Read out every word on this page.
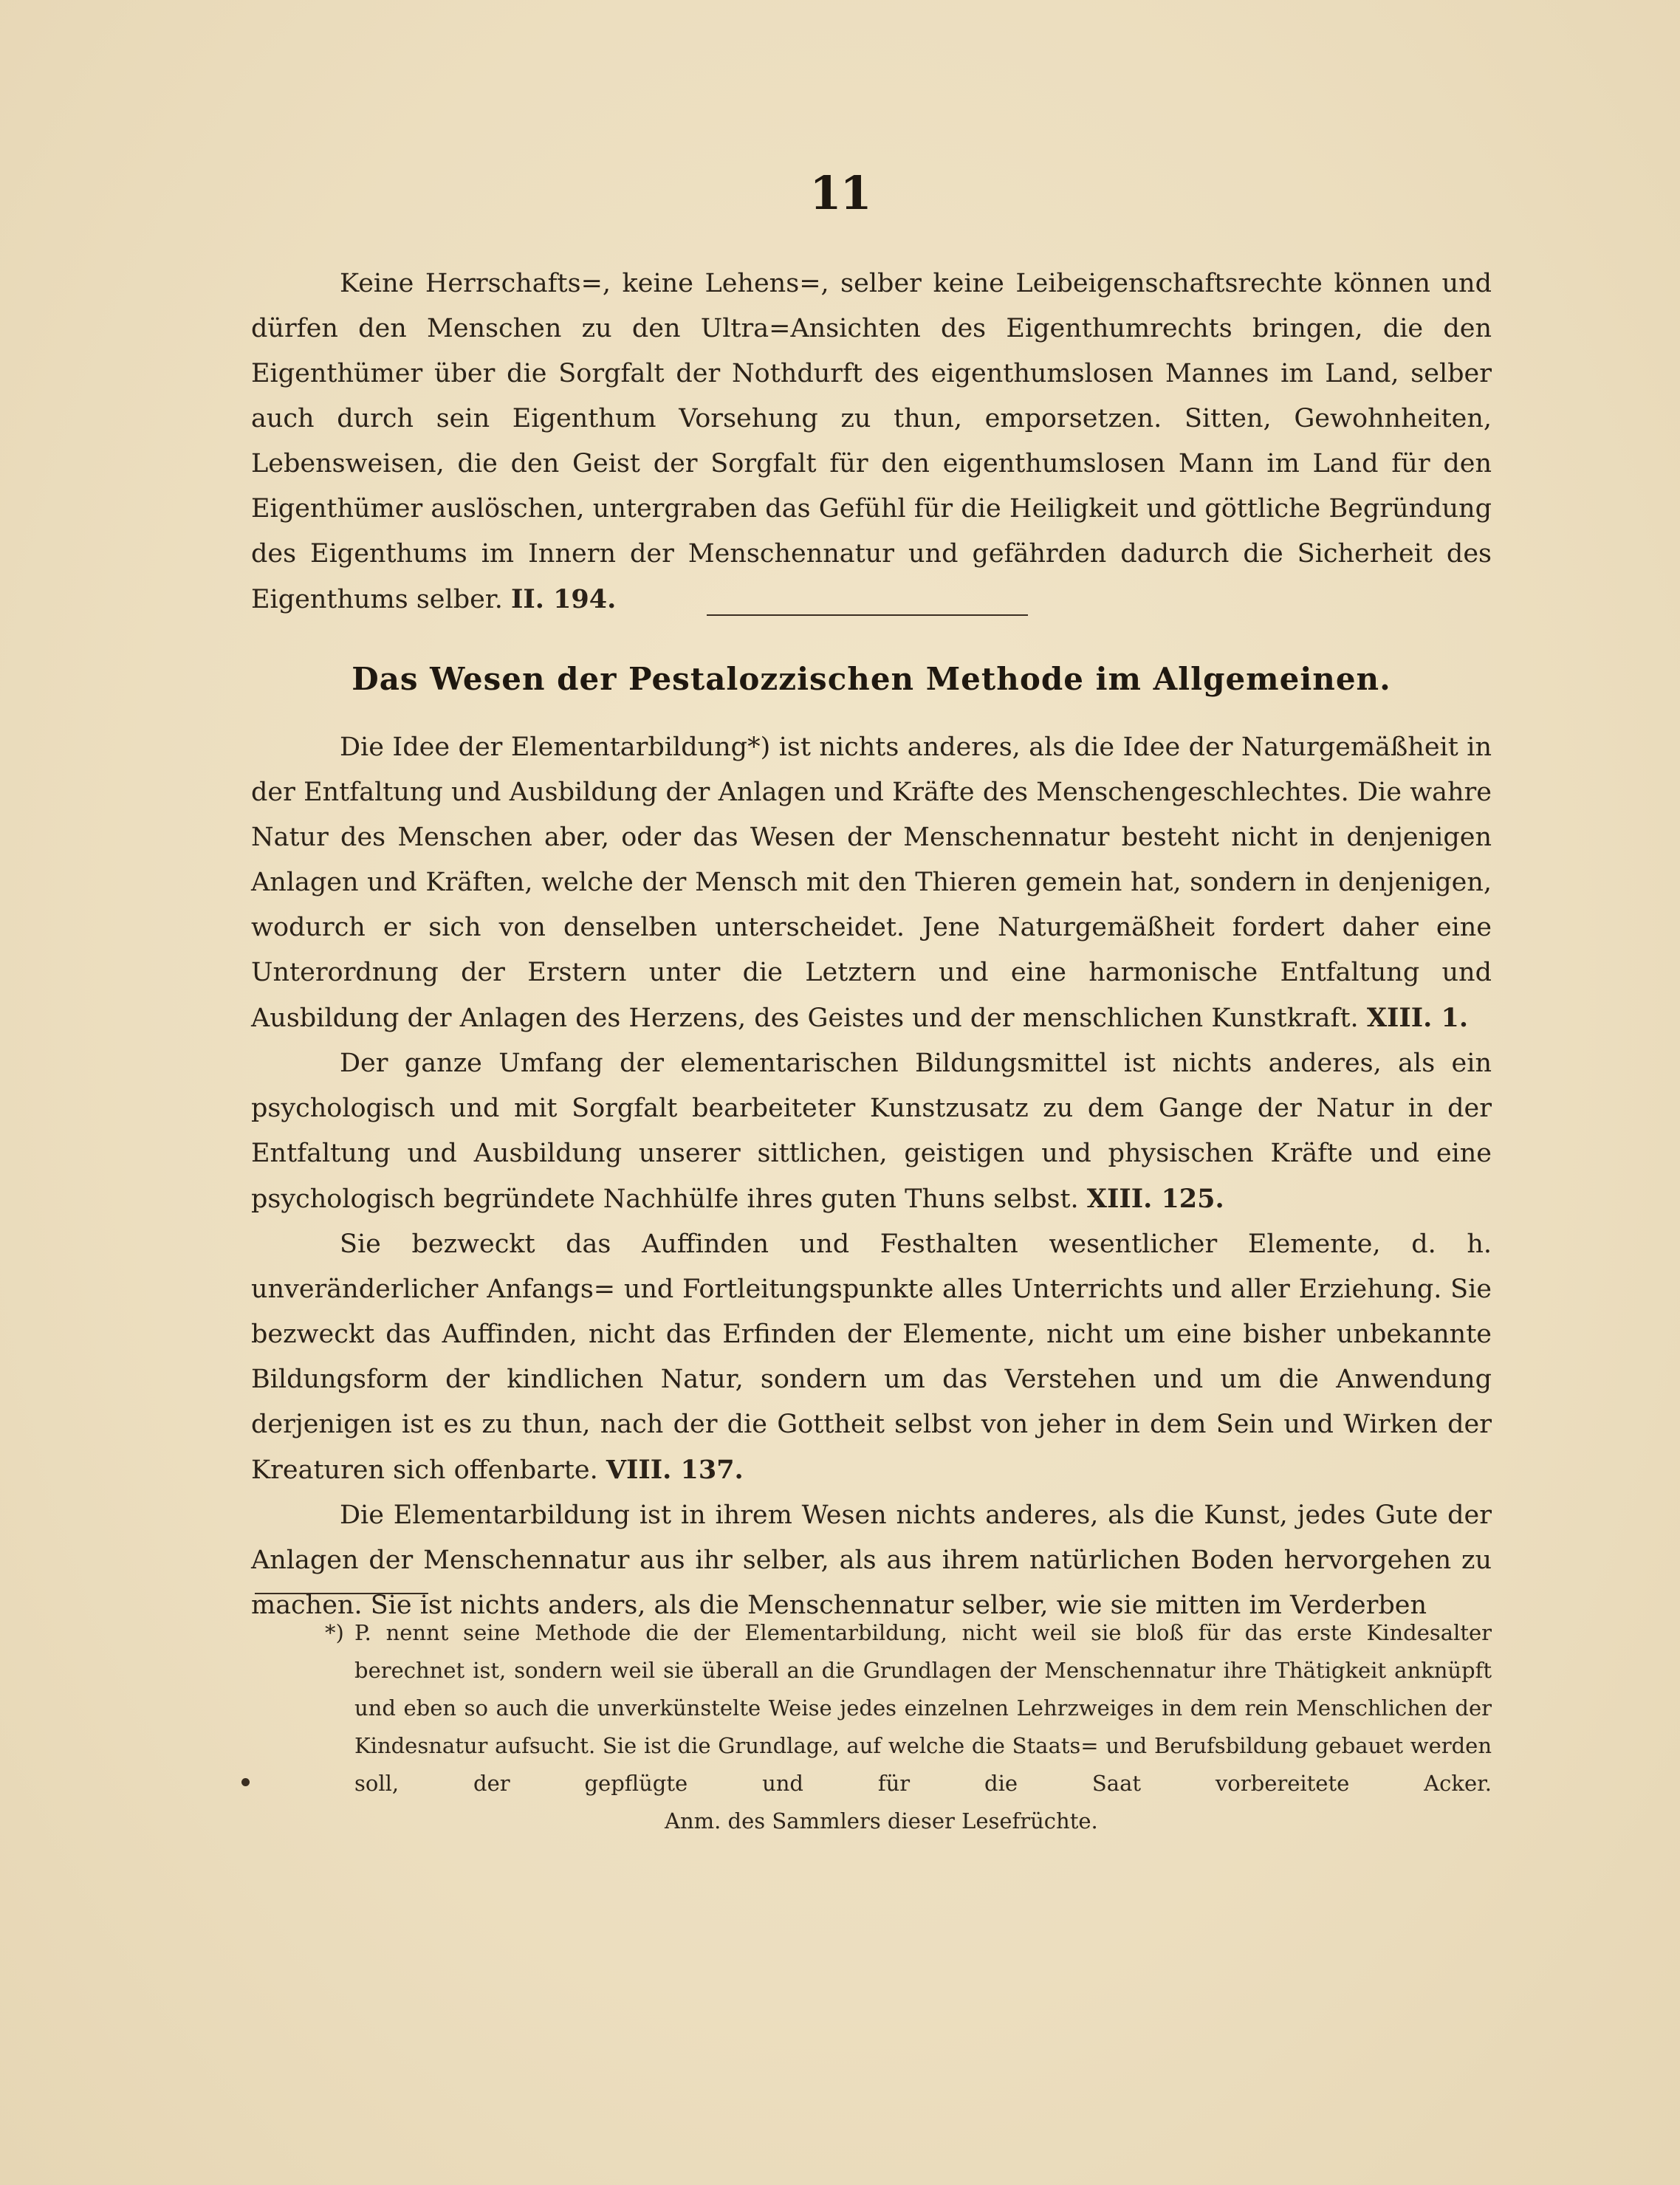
11

Keine Herrschafts=, keine Lehens=, selber keine Leibeigenschaftsrechte können und dürfen den Menschen zu den Ultra=Ansichten des Eigenthumrechts bringen, die den Eigenthümer über die Sorgfalt der Nothdurft des eigenthumslosen Mannes im Land, selber auch durch sein Eigenthum Vorsehung zu thun, emporsetzen. Sitten, Gewohnheiten, Lebensweisen, die den Geist der Sorgfalt für den eigenthumslosen Mann im Land für den Eigenthümer auslöschen, untergraben das Gefühl für die Heiligkeit und göttliche Begründung des Eigenthums im Innern der Menschennatur und gefährden dadurch die Sicherheit des Eigenthums selber. II. 194.

Das Wesen der Pestalozzischen Methode im Allgemeinen.

Die Idee der Elementarbildung*) ist nichts anderes, als die Idee der Naturgemäßheit in der Entfaltung und Ausbildung der Anlagen und Kräfte des Menschengeschlechtes. Die wahre Natur des Menschen aber, oder das Wesen der Menschennatur besteht nicht in denjenigen Anlagen und Kräften, welche der Mensch mit den Thieren gemein hat, sondern in denjenigen, wodurch er sich von denselben unterscheidet. Jene Naturgemäßheit fordert daher eine Unterordnung der Erstern unter die Letztern und eine harmonische Entfaltung und Ausbildung der Anlagen des Herzens, des Geistes und der menschlichen Kunstkraft. XIII. 1.

Der ganze Umfang der elementarischen Bildungsmittel ist nichts anderes, als ein psychologisch und mit Sorgfalt bearbeiteter Kunstzusatz zu dem Gange der Natur in der Entfaltung und Ausbildung unserer sittlichen, geistigen und physischen Kräfte und eine psychologisch begründete Nachhülfe ihres guten Thuns selbst. XIII. 125.

Sie bezweckt das Auffinden und Festhalten wesentlicher Elemente, d. h. unveränderlicher Anfangs= und Fortleitungspunkte alles Unterrichts und aller Erziehung. Sie bezweckt das Auffinden, nicht das Erfinden der Elemente, nicht um eine bisher unbekannte Bildungsform der kindlichen Natur, sondern um das Verstehen und um die Anwendung derjenigen ist es zu thun, nach der die Gottheit selbst von jeher in dem Sein und Wirken der Kreaturen sich offenbarte. VIII. 137.

Die Elementarbildung ist in ihrem Wesen nichts anderes, als die Kunst, jedes Gute der Anlagen der Menschennatur aus ihr selber, als aus ihrem natürlichen Boden hervorgehen zu machen. Sie ist nichts anders, als die Menschennatur selber, wie sie mitten im Verderben

*) P. nennt seine Methode die der Elementarbildung, nicht weil sie bloß für das erste Kindesalter berechnet ist, sondern weil sie überall an die Grundlagen der Menschennatur ihre Thätigkeit anknüpft und eben so auch die unverkünstelte Weise jedes einzelnen Lehrzweiges in dem rein Menschlichen der Kindesnatur aufsucht. Sie ist die Grundlage, auf welche die Staats= und Berufsbildung gebauet werden soll, der gepflügte und für die Saat vorbereitete Acker. Anm. des Sammlers dieser Lesefrüchte.
